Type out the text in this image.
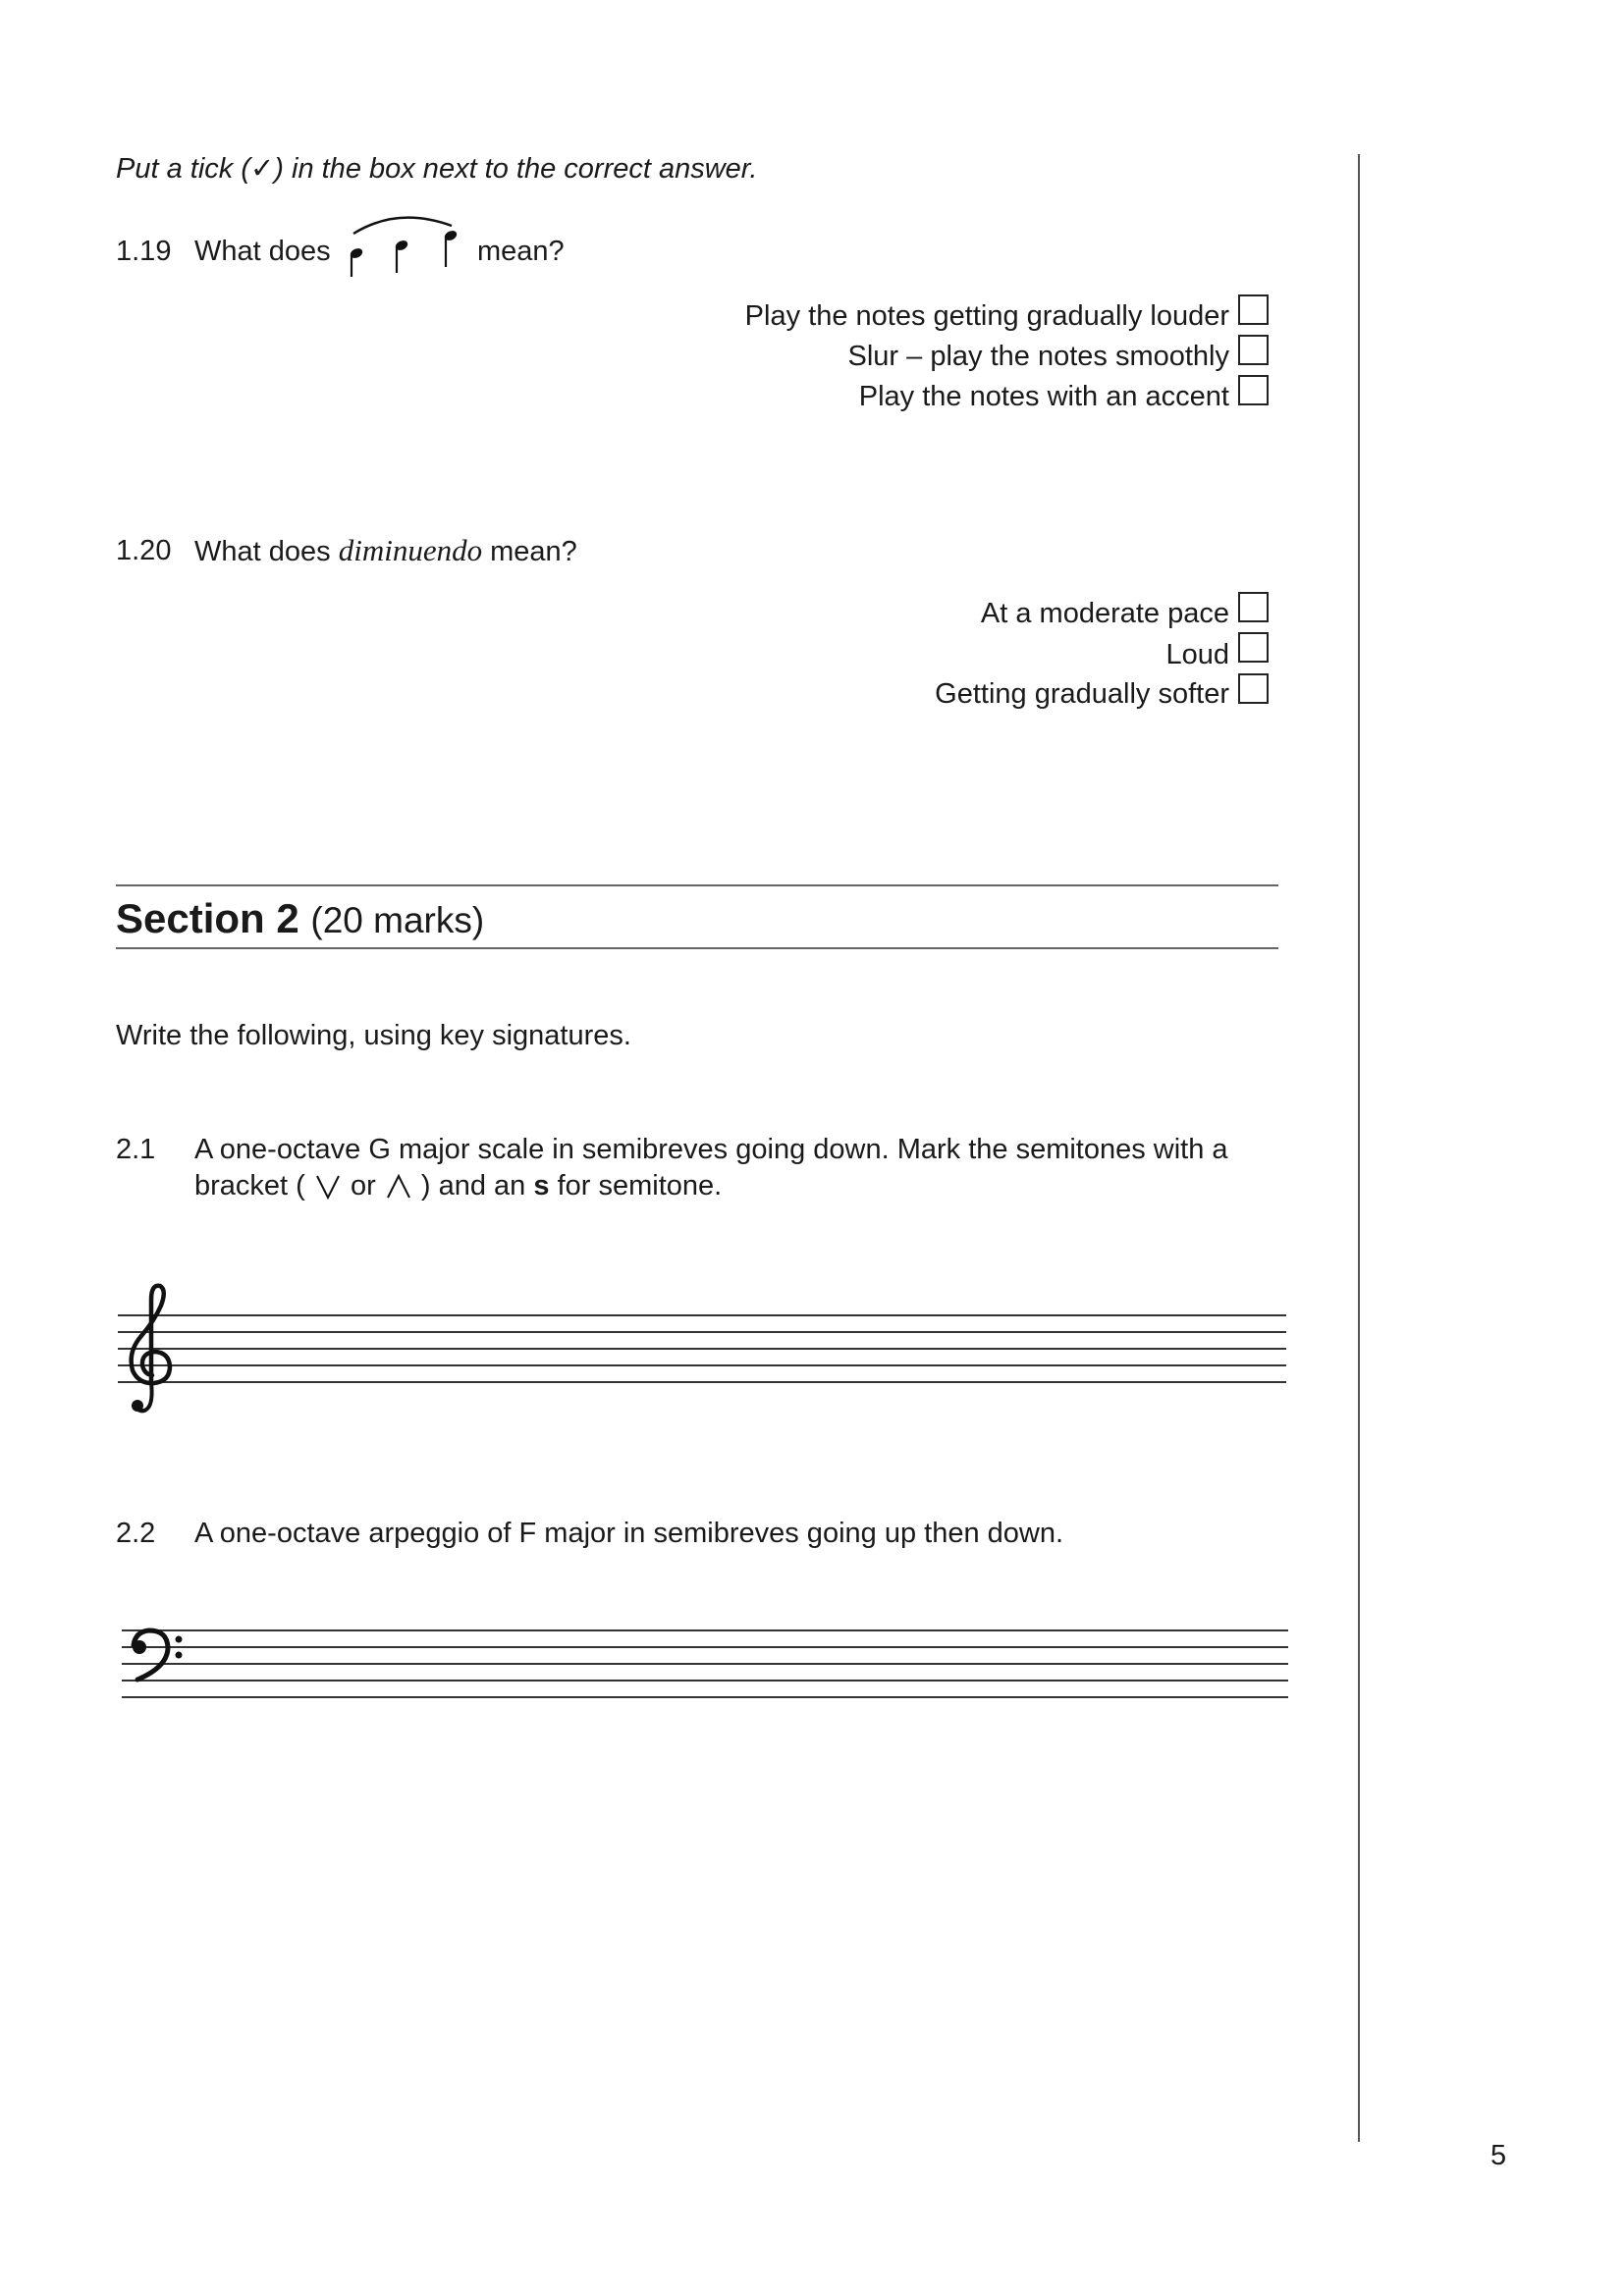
Put a tick (✓) in the box next to the correct answer.
1.19 What does	mean?
Play the notes getting gradually louder
Slur – play the notes smoothly
Play the notes with an accent
1.20 What does diminuendo mean?
At a moderate pace
Loud
Getting gradually softer
Section 2 (20 marks)
Write the following, using key signatures.
2.1 A one-octave G major scale in semibreves going down. Mark the semitones with a
bracket ( or ) and an s for semitone.
2.2 A one-octave arpeggio of F major in semibreves going up then down.
5
